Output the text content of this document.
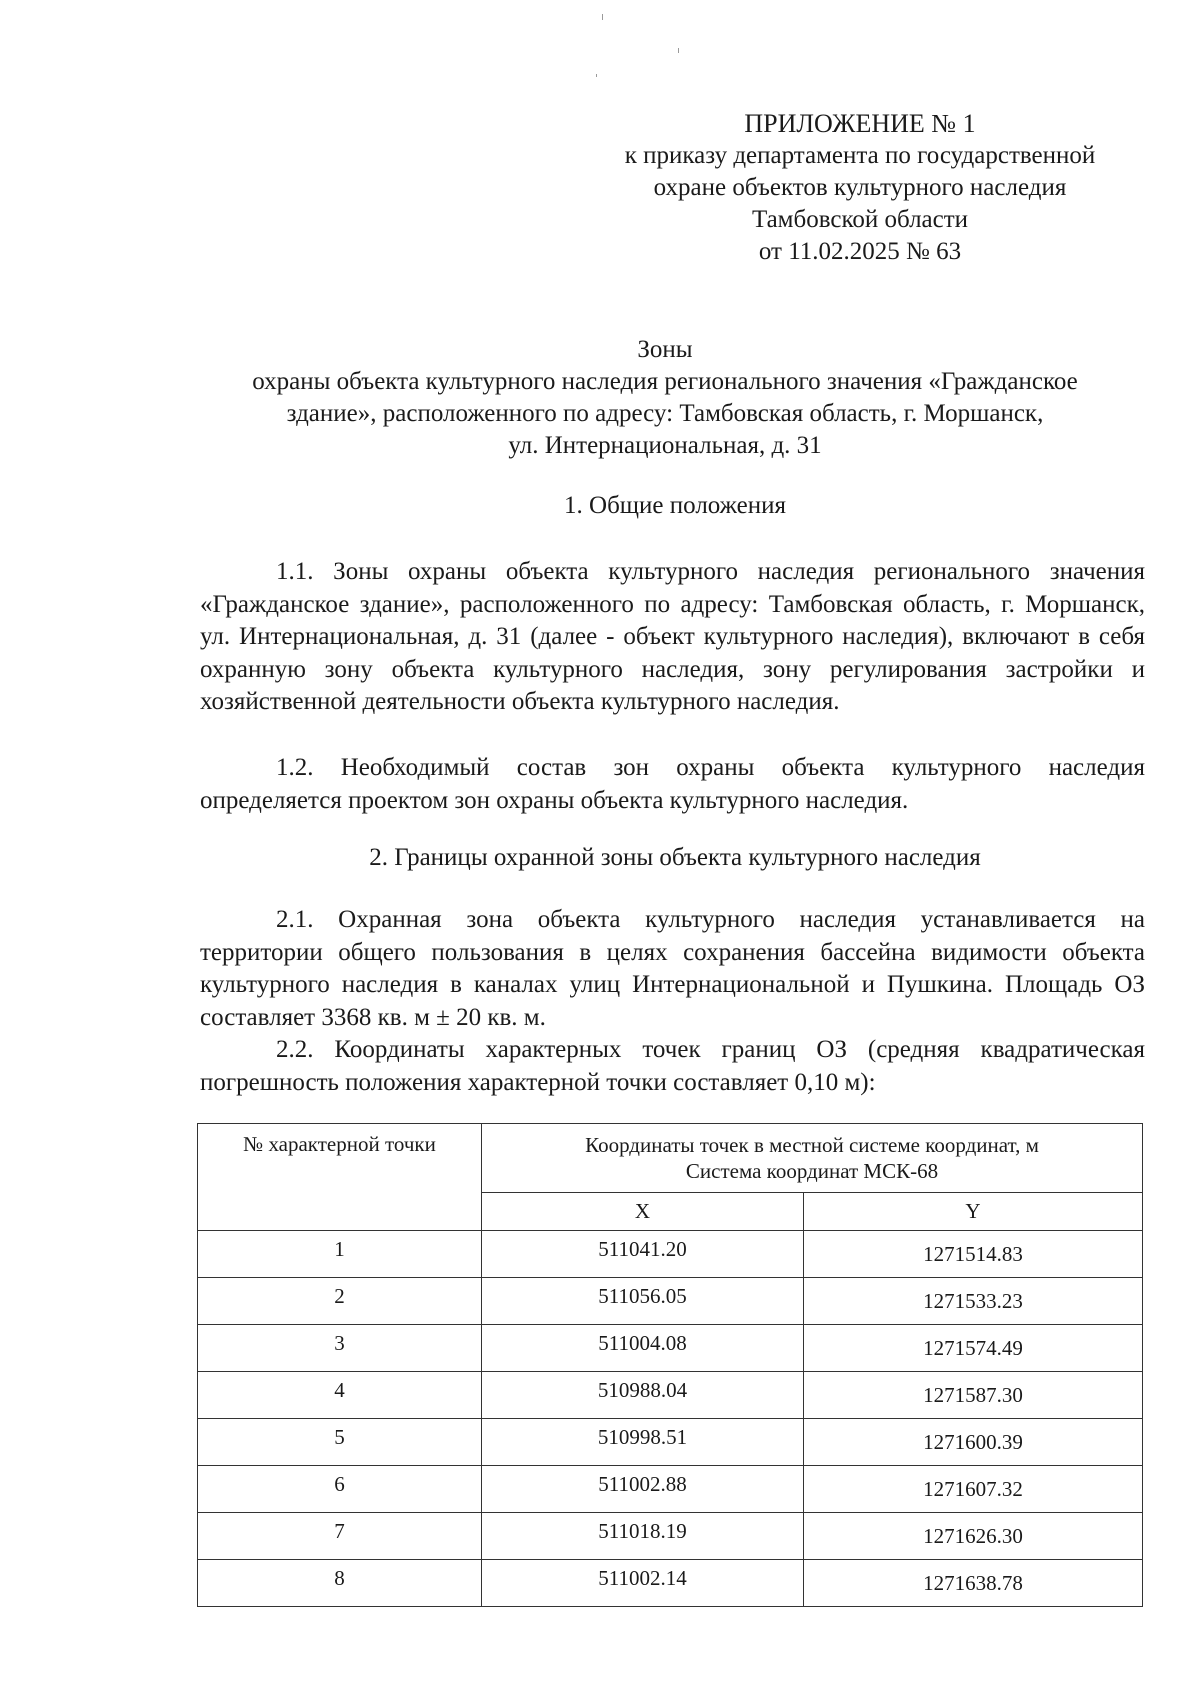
ПРИЛОЖЕНИЕ № 1
к приказу департамента по государственной
охране объектов культурного наследия
Тамбовской области
от 11.02.2025 № 63
Зоны
охраны объекта культурного наследия регионального значения «Гражданское
здание», расположенного по адресу: Тамбовская область, г. Моршанск,
ул. Интернациональная, д. 31
1. Общие положения

1.1. Зоны охраны объекта культурного наследия регионального значения «Гражданское здание», расположенного по адресу: Тамбовская область, г. Моршанск, ул. Интернациональная, д. 31 (далее - объект культурного наследия), включают в себя охранную зону объекта культурного наследия, зону регулирования застройки и хозяйственной деятельности объекта культурного наследия.

1.2. Необходимый состав зон охраны объекта культурного наследия определяется проектом зон охраны объекта культурного наследия.

2. Границы охранной зоны объекта культурного наследия

2.1. Охранная зона объекта культурного наследия устанавливается на территории общего пользования в целях сохранения бассейна видимости объекта культурного наследия в каналах улиц Интернациональной и Пушкина. Площадь ОЗ составляет 3368 кв. м ± 20 кв. м.

2.2. Координаты характерных точек границ ОЗ (средняя квадратическая погрешность положения характерной точки составляет 0,10 м):

№ характерной точки	Координаты точек в местной системе координат, м
Система координат МСК-68	

	X	Y
1	511041.20	1271514.83
2	511056.05	1271533.23
3	511004.08	1271574.49
4	510988.04	1271587.30
5	510998.51	1271600.39
6	511002.88	1271607.32
7	511018.19	1271626.30
8	511002.14	1271638.78
